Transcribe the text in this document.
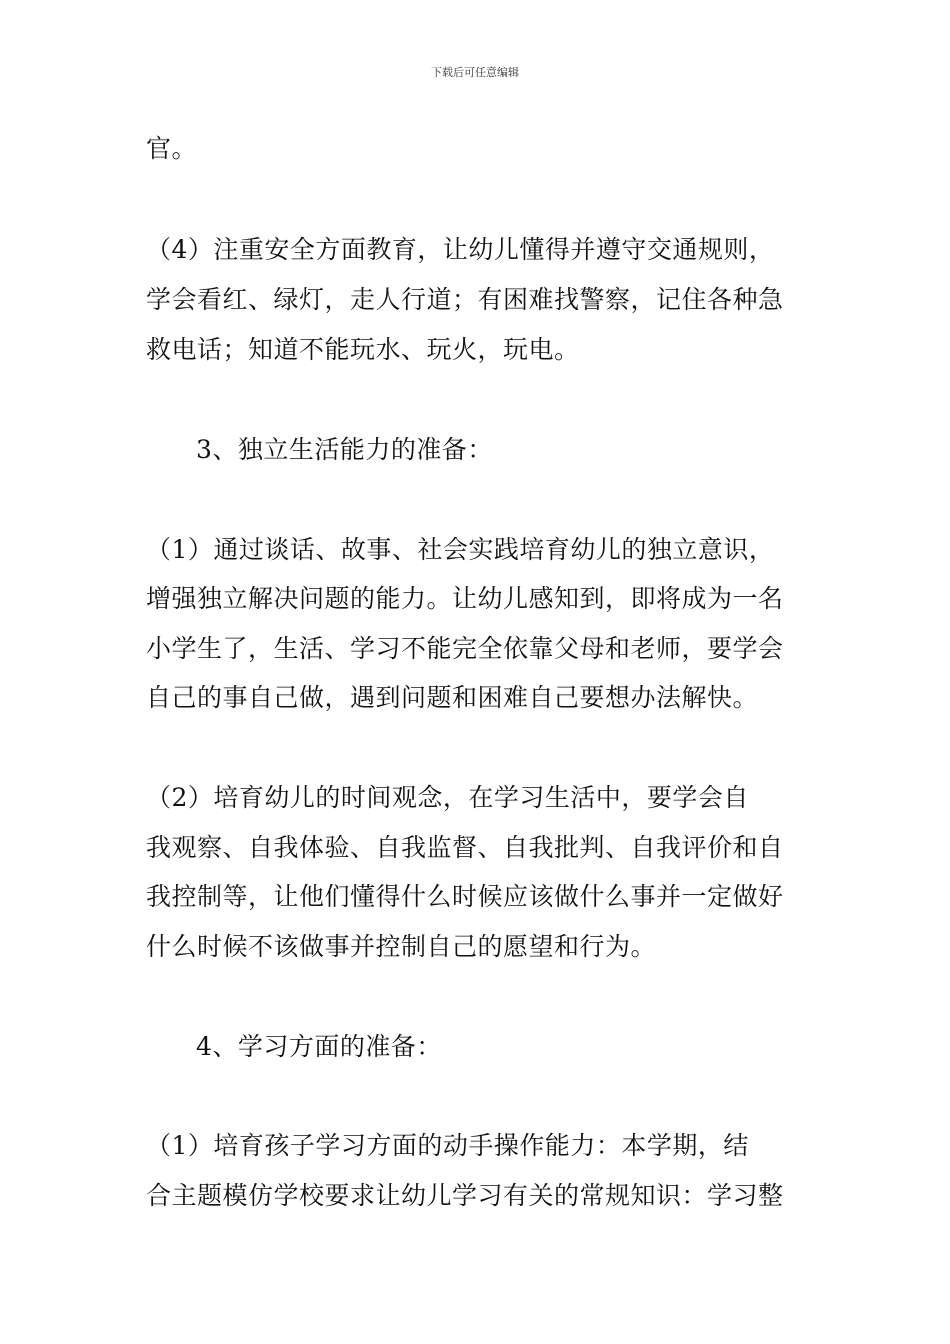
下载后可任意编辑
官。
（4）注重安全方面教育，让幼儿懂得并遵守交通规则，
学会看红、绿灯，走人行道；有困难找警察，记住各种急
救电话；知道不能玩水、玩火，玩电。
3、独立生活能力的准备：
（1）通过谈话、故事、社会实践培育幼儿的独立意识，
增强独立解决问题的能力。让幼儿感知到，即将成为一名
小学生了，生活、学习不能完全依靠父母和老师，要学会
自己的事自己做，遇到问题和困难自己要想办法解快。
（2）培育幼儿的时间观念，在学习生活中，要学会自
我观察、自我体验、自我监督、自我批判、自我评价和自
我控制等，让他们懂得什么时候应该做什么事并一定做好
什么时候不该做事并控制自己的愿望和行为。
4、学习方面的准备：
（1）培育孩子学习方面的动手操作能力：本学期，结
合主题模仿学校要求让幼儿学习有关的常规知识：学习整
